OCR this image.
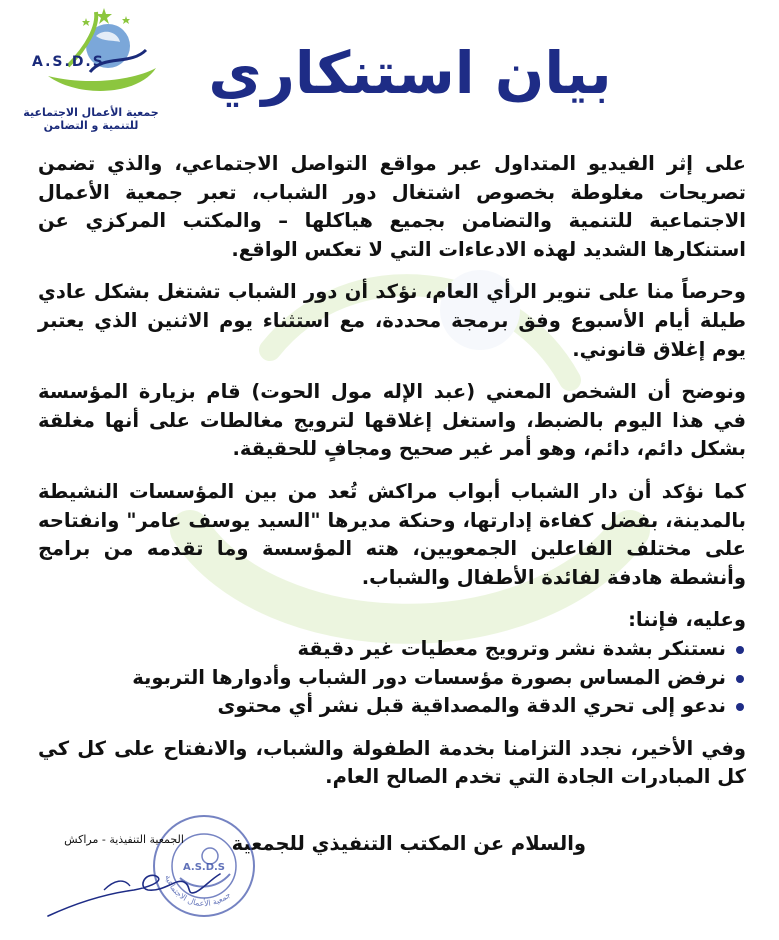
A.S.D.S
جمعية الأعمال الاجتماعية
للتنمية و التضامن
بيان استنكاري

على إثر الفيديو المتداول عبر مواقع التواصل الاجتماعي، والذي تضمن تصريحات مغلوطة بخصوص اشتغال دور الشباب، تعبر جمعية الأعمال الاجتماعية للتنمية والتضامن بجميع هياكلها – والمكتب المركزي عن استنكارها الشديد لهذه الادعاءات التي لا تعكس الواقع.

وحرصاً منا على تنوير الرأي العام، نؤكد أن دور الشباب تشتغل بشكل عادي طيلة أيام الأسبوع وفق برمجة محددة، مع استثناء يوم الاثنين الذي يعتبر يوم إغلاق قانوني.

ونوضح أن الشخص المعني (عبد الإله مول الحوت) قام بزيارة المؤسسة في هذا اليوم بالضبط، واستغل إغلاقها لترويج مغالطات على أنها مغلقة بشكل دائم، دائم، وهو أمر غير صحيح ومجافٍ للحقيقة.

كما نؤكد أن دار الشباب أبواب مراكش تُعد من بين المؤسسات النشيطة بالمدينة، بفضل كفاءة إدارتها، وحنكة مديرها "السيد يوسف عامر" وانفتاحه على مختلف الفاعلين الجمعويين، هته المؤسسة وما تقدمه من برامج وأنشطة هادفة لفائدة الأطفال والشباب.

وعليه، فإننا:

نستنكر بشدة نشر وترويج معطيات غير دقيقة
نرفض المساس بصورة مؤسسات دور الشباب وأدوارها التربوية
ندعو إلى تحري الدقة والمصداقية قبل نشر أي محتوى

وفي الأخير، نجدد التزامنا بخدمة الطفولة والشباب، والانفتاح على كل كي كل المبادرات الجادة التي تخدم الصالح العام.

والسلام عن المكتب التنفيذي للجمعية
A.S.D.S
جمعية الأعمال الاجتماعية
الجمعية التنفيذية - مراكش
